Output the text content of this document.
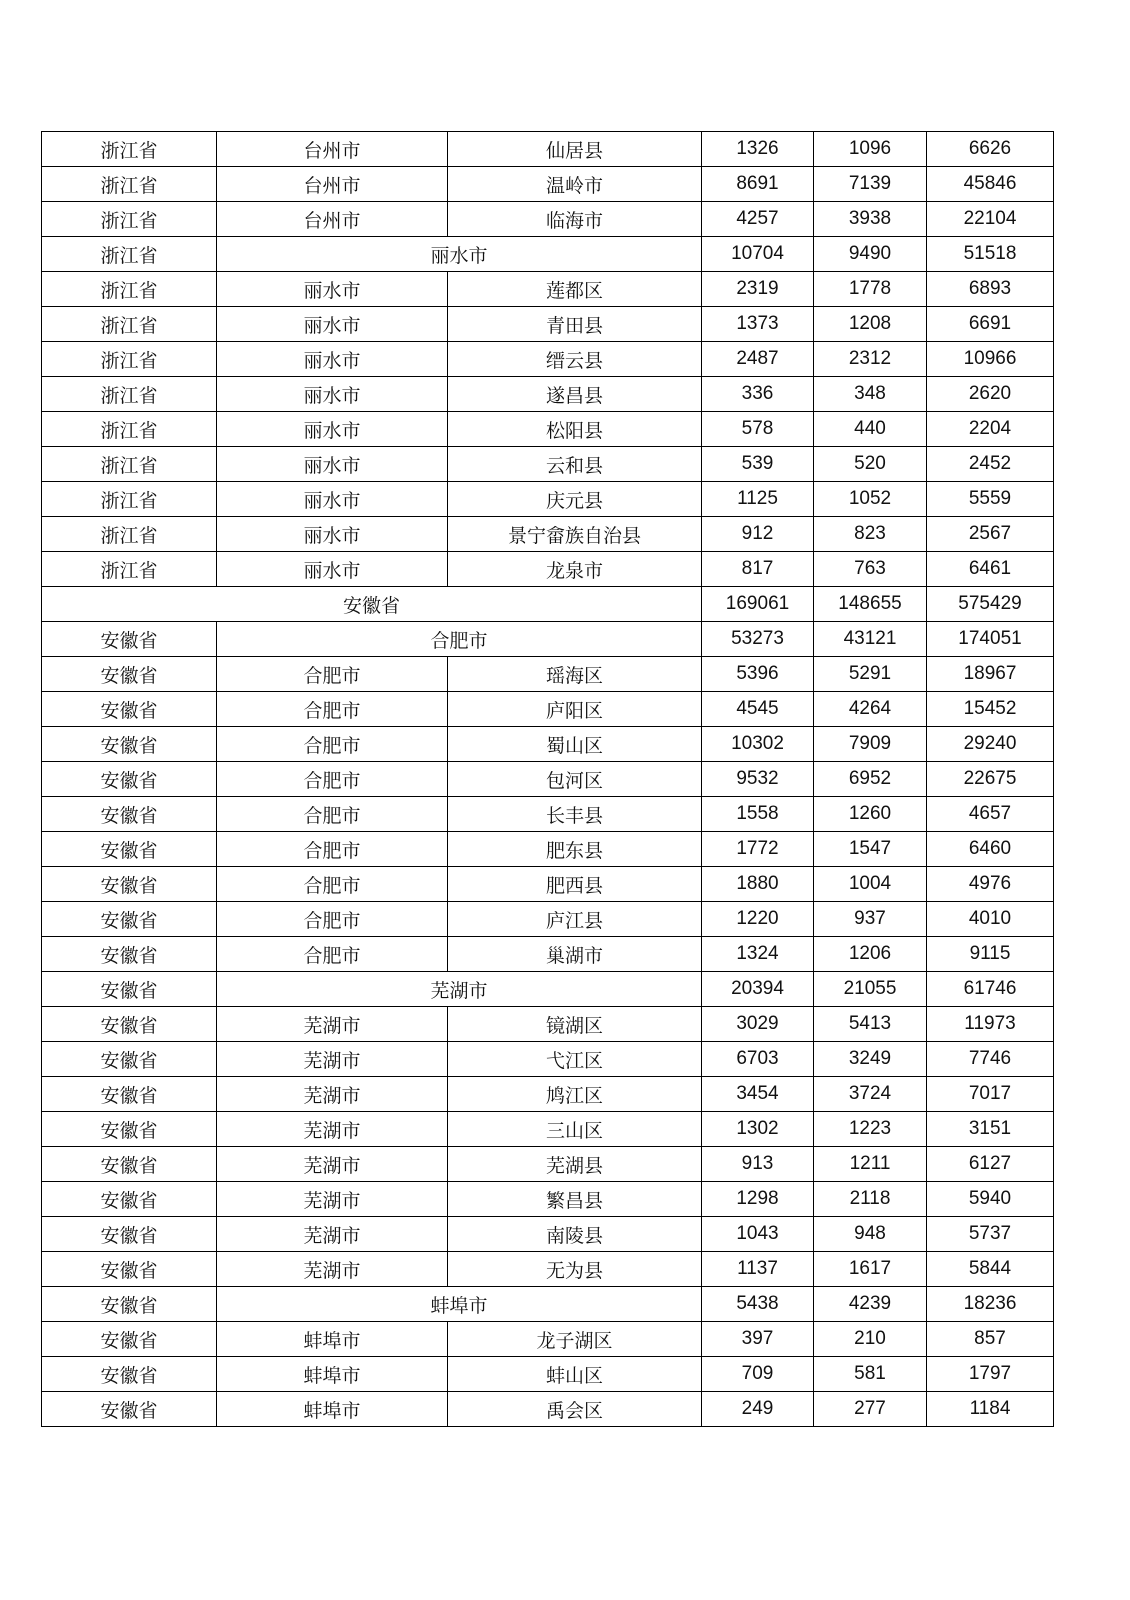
浙江省	台州市	仙居县	1326	1096	6626
浙江省	台州市	温岭市	8691	7139	45846
浙江省	台州市	临海市	4257	3938	22104
浙江省	丽水市		10704	9490	51518
浙江省	丽水市	莲都区	2319	1778	6893
浙江省	丽水市	青田县	1373	1208	6691
浙江省	丽水市	缙云县	2487	2312	10966
浙江省	丽水市	遂昌县	336	348	2620
浙江省	丽水市	松阳县	578	440	2204
浙江省	丽水市	云和县	539	520	2452
浙江省	丽水市	庆元县	1125	1052	5559
浙江省	丽水市	景宁畲族自治县	912	823	2567
浙江省	丽水市	龙泉市	817	763	6461
安徽省			169061	148655	575429
安徽省	合肥市		53273	43121	174051
安徽省	合肥市	瑶海区	5396	5291	18967
安徽省	合肥市	庐阳区	4545	4264	15452
安徽省	合肥市	蜀山区	10302	7909	29240
安徽省	合肥市	包河区	9532	6952	22675
安徽省	合肥市	长丰县	1558	1260	4657
安徽省	合肥市	肥东县	1772	1547	6460
安徽省	合肥市	肥西县	1880	1004	4976
安徽省	合肥市	庐江县	1220	937	4010
安徽省	合肥市	巢湖市	1324	1206	9115
安徽省	芜湖市		20394	21055	61746
安徽省	芜湖市	镜湖区	3029	5413	11973
安徽省	芜湖市	弋江区	6703	3249	7746
安徽省	芜湖市	鸠江区	3454	3724	7017
安徽省	芜湖市	三山区	1302	1223	3151
安徽省	芜湖市	芜湖县	913	1211	6127
安徽省	芜湖市	繁昌县	1298	2118	5940
安徽省	芜湖市	南陵县	1043	948	5737
安徽省	芜湖市	无为县	1137	1617	5844
安徽省	蚌埠市		5438	4239	18236
安徽省	蚌埠市	龙子湖区	397	210	857
安徽省	蚌埠市	蚌山区	709	581	1797
安徽省	蚌埠市	禹会区	249	277	1184
